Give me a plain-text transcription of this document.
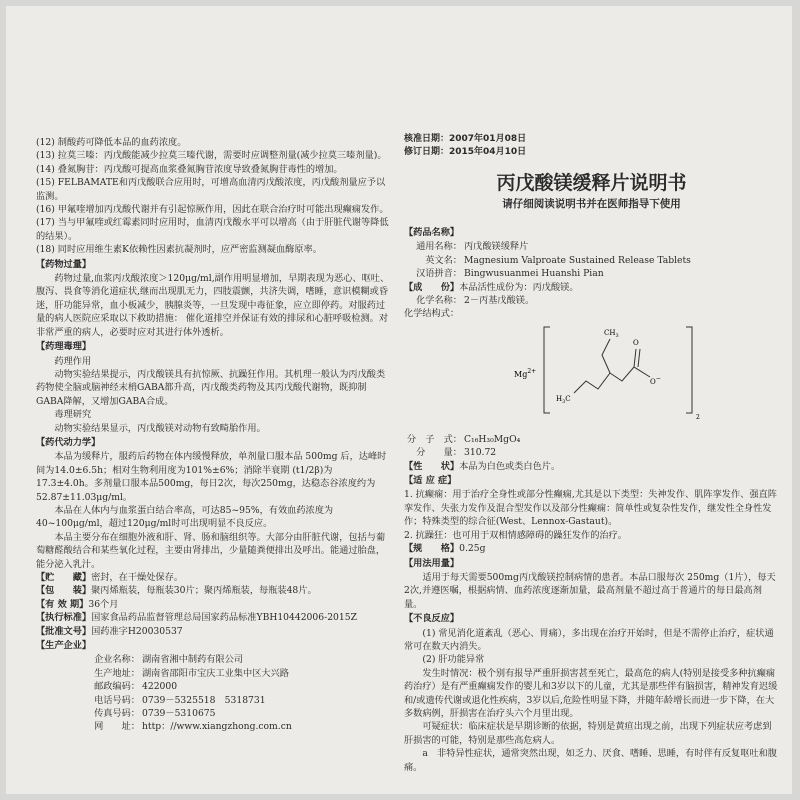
(12) 制酸药可降低本品的血药浓度。

(13) 拉莫三嗪：丙戊酸能减少拉莫三嗪代谢，需要时应调整剂量(减少拉莫三嗪剂量)。

(14) 叠氮胸苷：丙戊酸可提高血浆叠氮胸苷浓度导致叠氮胸苷毒性的增加。

(15) FELBAMATE和丙戊酸联合应用时，可增高血清丙戊酸浓度，丙戊酸剂量应予以监测。

(16) 甲氟喹增加丙戊酸代谢并有引起惊厥作用，因此在联合治疗时可能出现癫痫发作。

(17) 当与甲氟喹或红霉素同时应用时，血清丙戊酸水平可以增高（由于肝脏代谢等降低的结果）。

(18) 同时应用维生素K依赖性因素抗凝剂时，应严密监测凝血酶原率。

【药物过量】

药物过量,血浆丙戊酸浓度＞120μg/ml,副作用明显增加，早期表现为恶心、呕吐、腹泻、畏食等消化道症状,继而出现肌无力，四肢震颤，共济失调，嗜睡，意识模糊或昏迷，肝功能异常，血小板减少，胰腺炎等，一旦发现中毒征象，应立即停药。对服药过量的病人医院应采取以下救助措施： 催化道排空并保证有效的排尿和心脏呼吸检测。对非常严重的病人，必要时应对其进行体外透析。

【药理毒理】

药理作用

动物实验结果提示，丙戊酸镁具有抗惊厥、抗躁狂作用。其机理一般认为丙戊酸类药物使全脑或脑神经末梢GABA都升高，丙戊酸类药物及其丙戊酸代谢物，既抑制GABA降解，又增加GABA合成。

毒理研究

动物实验结果显示，丙戊酸镁对动物有致畸胎作用。

【药代动力学】

本品为缓释片，服药后药物在体内缓慢释放，单剂量口服本品 500mg 后，达峰时间为14.0±6.5h；相对生物利用度为101%±6%；消除半衰期 (t1/2β)为 17.3±4.0h。多剂量口服本品500mg，每日2次，每次250mg，达稳态谷浓度约为52.87±11.03μg/ml。

本品在人体内与血浆蛋白结合率高，可达85~95%，有效血药浓度为 40~100μg/ml，超过120μg/ml时可出现明显不良反应。

本品主要分布在细胞外液和肝、肾、肠和脑组织等。大部分由肝脏代谢，包括与葡萄糖醛酸结合和某些氧化过程，主要由肾排出，少量随粪便排出及呼出。能通过胎盘，能分泌入乳汁。

【贮　　藏】密封，在干燥处保存。

【包　　装】聚丙烯瓶装，每瓶装30片；聚丙烯瓶装，每瓶装48片。

【有 效 期】36个月

【执行标准】国家食品药品监督管理总局国家药品标准YBH10442006-2015Z

【批准文号】国药准字H20030537

【生产企业】

企业名称： 湖南省湘中制药有限公司
生产地址： 湖南省邵阳市宝庆工业集中区大兴路
邮政编码： 422000
电话号码： 0739－5325518　5318731
传真号码： 0739－5310675
网　　址： http：//www.xiangzhong.com.cn

核准日期：2007年01月08日

修订日期：2015年04月10日

丙戊酸镁缓释片说明书

请仔细阅读说明书并在医师指导下使用

【药品名称】

通用名称： 丙戊酸镁缓释片
英文名： Magnesium Valproate Sustained Release Tablets
汉语拼音： Bingwusuanmei Huanshi Pian

【成　　份】本品活性成份为：丙戊酸镁。

化学名称： 2－丙基戊酸镁。

化学结构式：

$Mg^{2+}$
$CH_3$
$H_3C$
O
O−
2
分　子　式： C₁₆H₃₀MgO₄
分　　量： 310.72

【性　　状】本品为白色或类白色片。

【适 应 症】

1. 抗癫痫：用于治疗全身性或部分性癫痫,尤其是以下类型：失神发作、肌阵挛发作、强直阵挛发作、失张力发作及混合型发作以及部分性癫痫：简单性或复杂性发作，继发性全身性发作；特殊类型的综合征(West、Lennox-Gastaut)。

2. 抗躁狂：也可用于双相情感障碍的躁狂发作的治疗。

【规　　格】0.25g

【用法用量】

适用于每天需要500mg丙戊酸镁控制病情的患者。本品口服每次 250mg（1片），每天2次,并遵医嘱，根据病情、血药浓度逐渐加量，最高剂量不超过高于普通片的每日最高剂量。

【不良反应】

(1) 常见消化道紊乱（恶心、胃痛），多出现在治疗开始时，但是不需停止治疗，症状通常可在数天内消失。

(2) 肝功能异常

发生时情况：极个别有报导严重肝损害甚至死亡，最高危的病人(特别是接受多种抗癫痫药治疗）是有严重癫痫发作的婴儿和3岁以下的儿童，尤其是那些伴有脑损害，精神发育迟缓和/或遗传代谢或退化性疾病，3岁以后,危险性明显下降，并随年龄增长而进一步下降，在大多数病例，肝损害在治疗头六个月里出现。

可疑症状：临床症状是早期诊断的依据，特别是黄疸出现之前，出现下列症状应考虑到肝损害的可能，特别是那些高危病人。

a　非特异性症状，通常突然出现，如乏力、厌食、嗜睡、思睡，有时伴有反复呕吐和腹痛。
